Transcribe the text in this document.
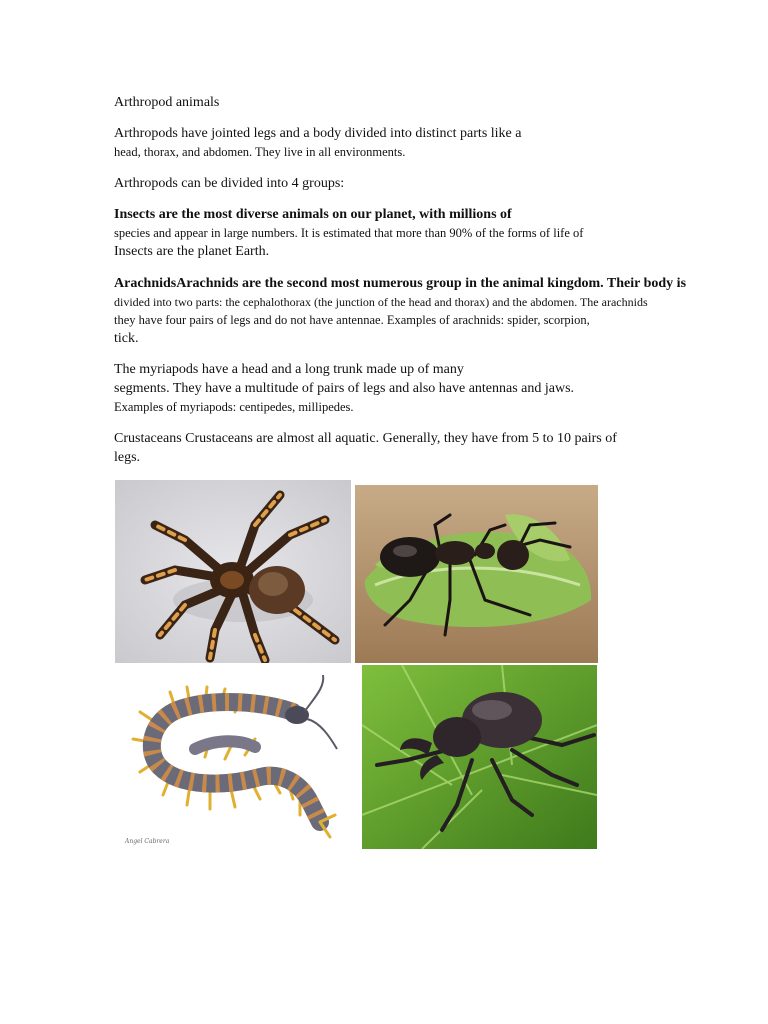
Arthropod animals

Arthropods have jointed legs and a body divided into distinct parts like a

head, thorax, and abdomen. They live in all environments.

Arthropods can be divided into 4 groups:

Insects are the most diverse animals on our planet, with millions of

species and appear in large numbers. It is estimated that more than 90% of the forms of life of

Insects are the planet Earth.

ArachnidsArachnids are the second most numerous group in the animal kingdom. Their body is

divided into two parts: the cephalothorax (the junction of the head and thorax) and the abdomen. The arachnids

they have four pairs of legs and do not have antennae. Examples of arachnids: spider, scorpion,

tick.

The myriapods have a head and a long trunk made up of many

segments. They have a multitude of pairs of legs and also have antennas and jaws.

Examples of myriapods: centipedes, millipedes.

Crustaceans Crustaceans are almost all aquatic. Generally, they have from 5 to 10 pairs of

legs.

Angel Cabrera
